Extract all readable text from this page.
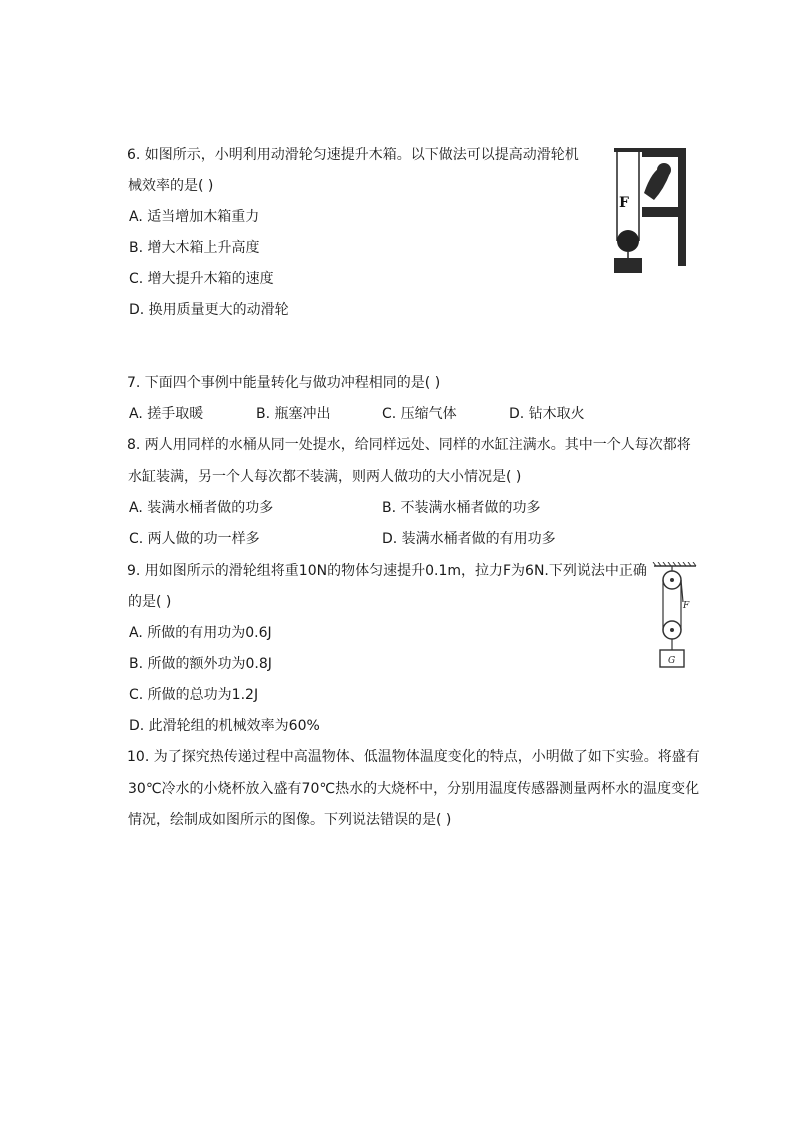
6. 如图所示，小明利用动滑轮匀速提升木箱。以下做法可以提高动滑轮机
械效率的是( )
A. 适当增加木箱重力
B. 增大木箱上升高度
C. 增大提升木箱的速度
D. 换用质量更大的动滑轮
F
7. 下面四个事例中能量转化与做功冲程相同的是( )
A. 搓手取暖	B. 瓶塞冲出	C. 压缩气体	D. 钻木取火
8. 两人用同样的水桶从同一处提水，给同样远处、同样的水缸注满水。其中一个人每次都将
水缸装满，另一个人每次都不装满，则两人做功的大小情况是( )
A. 装满水桶者做的功多	B. 不装满水桶者做的功多
C. 两人做的功一样多	D. 装满水桶者做的有用功多
9. 用如图所示的滑轮组将重10N的物体匀速提升0.1m，拉力F为6N.下列说法中正确
的是( )
A. 所做的有用功为0.6J
B. 所做的额外功为0.8J
C. 所做的总功为1.2J
D. 此滑轮组的机械效率为60%
F
G
10. 为了探究热传递过程中高温物体、低温物体温度变化的特点，小明做了如下实验。将盛有
30℃冷水的小烧杯放入盛有70℃热水的大烧杯中，分别用温度传感器测量两杯水的温度变化
情况，绘制成如图所示的图像。下列说法错误的是( )
